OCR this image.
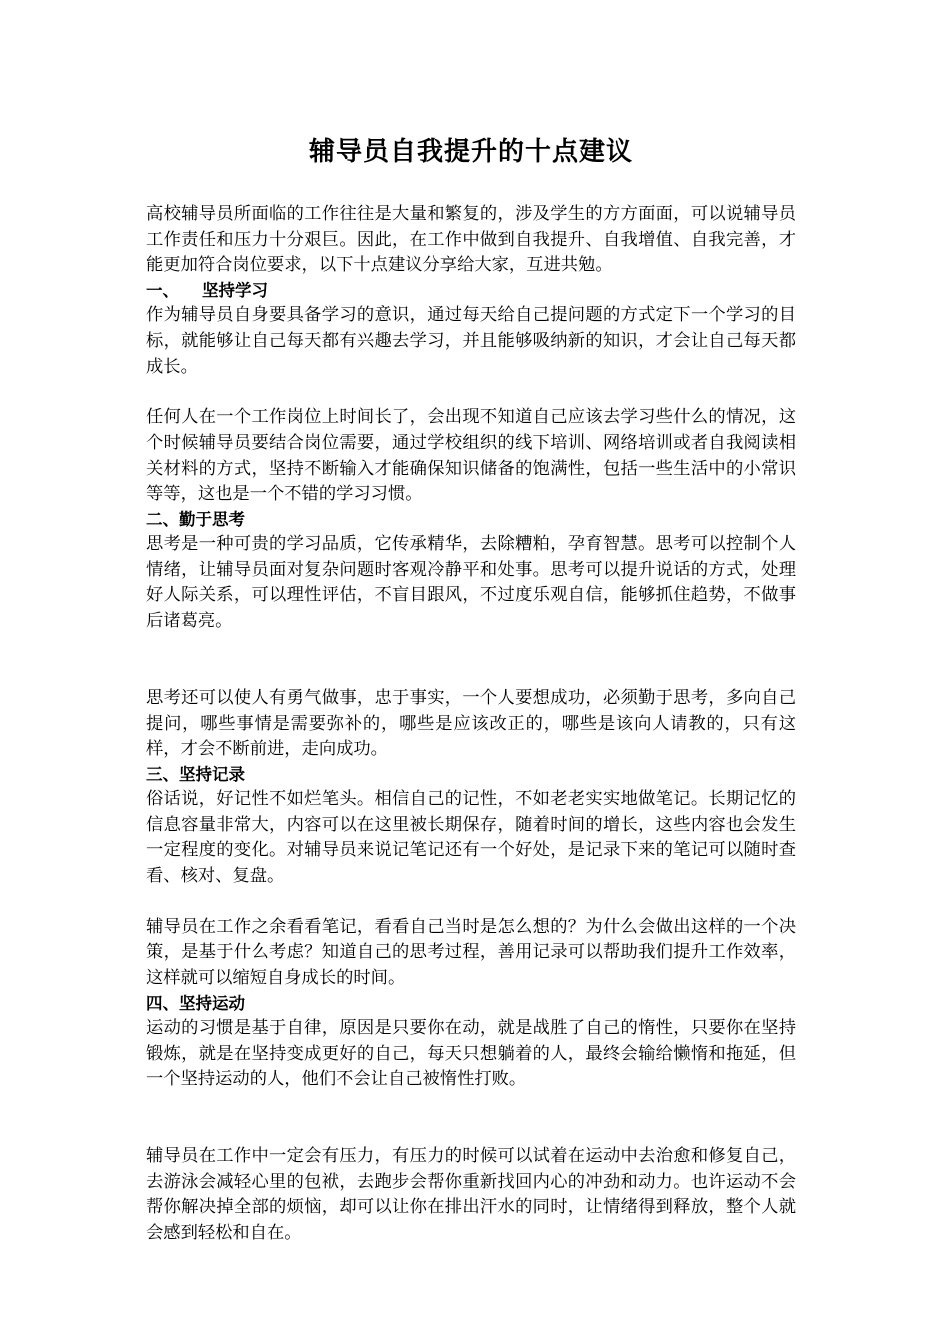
辅导员自我提升的十点建议

高校辅导员所面临的工作往往是大量和繁复的，涉及学生的方方面面，可以说辅导员工作责任和压力十分艰巨。因此，在工作中做到自我提升、自我增值、自我完善，才能更加符合岗位要求，以下十点建议分享给大家，互进共勉。

一、 坚持学习

作为辅导员自身要具备学习的意识，通过每天给自己提问题的方式定下一个学习的目标，就能够让自己每天都有兴趣去学习，并且能够吸纳新的知识，才会让自己每天都成长。

任何人在一个工作岗位上时间长了，会出现不知道自己应该去学习些什么的情况，这个时候辅导员要结合岗位需要，通过学校组织的线下培训、网络培训或者自我阅读相关材料的方式，坚持不断输入才能确保知识储备的饱满性，包括一些生活中的小常识等等，这也是一个不错的学习习惯。

二、勤于思考

思考是一种可贵的学习品质，它传承精华，去除糟粕，孕育智慧。思考可以控制个人情绪，让辅导员面对复杂问题时客观冷静平和处事。思考可以提升说话的方式，处理好人际关系，可以理性评估，不盲目跟风，不过度乐观自信，能够抓住趋势，不做事后诸葛亮。

思考还可以使人有勇气做事，忠于事实，一个人要想成功，必须勤于思考，多向自己提问，哪些事情是需要弥补的，哪些是应该改正的，哪些是该向人请教的，只有这样，才会不断前进，走向成功。

三、坚持记录

俗话说，好记性不如烂笔头。相信自己的记性，不如老老实实地做笔记。长期记忆的信息容量非常大，内容可以在这里被长期保存，随着时间的增长，这些内容也会发生一定程度的变化。对辅导员来说记笔记还有一个好处，是记录下来的笔记可以随时查看、核对、复盘。

辅导员在工作之余看看笔记，看看自己当时是怎么想的？为什么会做出这样的一个决策，是基于什么考虑？知道自己的思考过程，善用记录可以帮助我们提升工作效率，这样就可以缩短自身成长的时间。

四、坚持运动

运动的习惯是基于自律，原因是只要你在动，就是战胜了自己的惰性，只要你在坚持锻炼，就是在坚持变成更好的自己，每天只想躺着的人，最终会输给懒惰和拖延，但一个坚持运动的人，他们不会让自己被惰性打败。

辅导员在工作中一定会有压力，有压力的时候可以试着在运动中去治愈和修复自己，去游泳会减轻心里的包袱，去跑步会帮你重新找回内心的冲劲和动力。也许运动不会帮你解决掉全部的烦恼，却可以让你在排出汗水的同时，让情绪得到释放，整个人就会感到轻松和自在。
